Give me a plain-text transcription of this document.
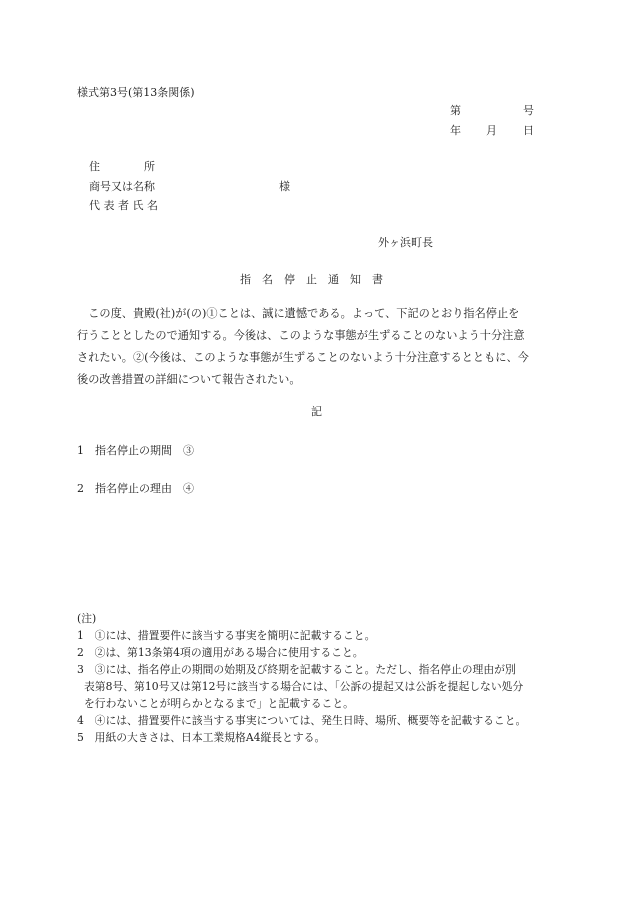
様式第3号(第13条関係)
第	号
年 月 日
住　　　　所
商号又は名称	様
代 表 者 氏 名
外ヶ浜町長
指　名　停　止　通　知　書
　この度、貴殿(社)が(の)①ことは、誠に遺憾である。よって、下記のとおり指名停止を
行うこととしたので通知する。今後は、このような事態が生ずることのないよう十分注意
されたい。②(今後は、このような事態が生ずることのないよう十分注意するとともに、今
後の改善措置の詳細について報告されたい。
記
1　指名停止の期間　③
2　指名停止の理由　④
(注)
1　①には、措置要件に該当する事実を簡明に記載すること。
2　②は、第13条第4項の適用がある場合に使用すること。
3　③には、指名停止の期間の始期及び終期を記載すること。ただし、指名停止の理由が別
表第8号、第10号又は第12号に該当する場合には、「公訴の提起又は公訴を提起しない処分
を行わないことが明らかとなるまで」と記載すること。
4　④には、措置要件に該当する事実については、発生日時、場所、概要等を記載すること。
5　用紙の大きさは、日本工業規格A4縦長とする。
